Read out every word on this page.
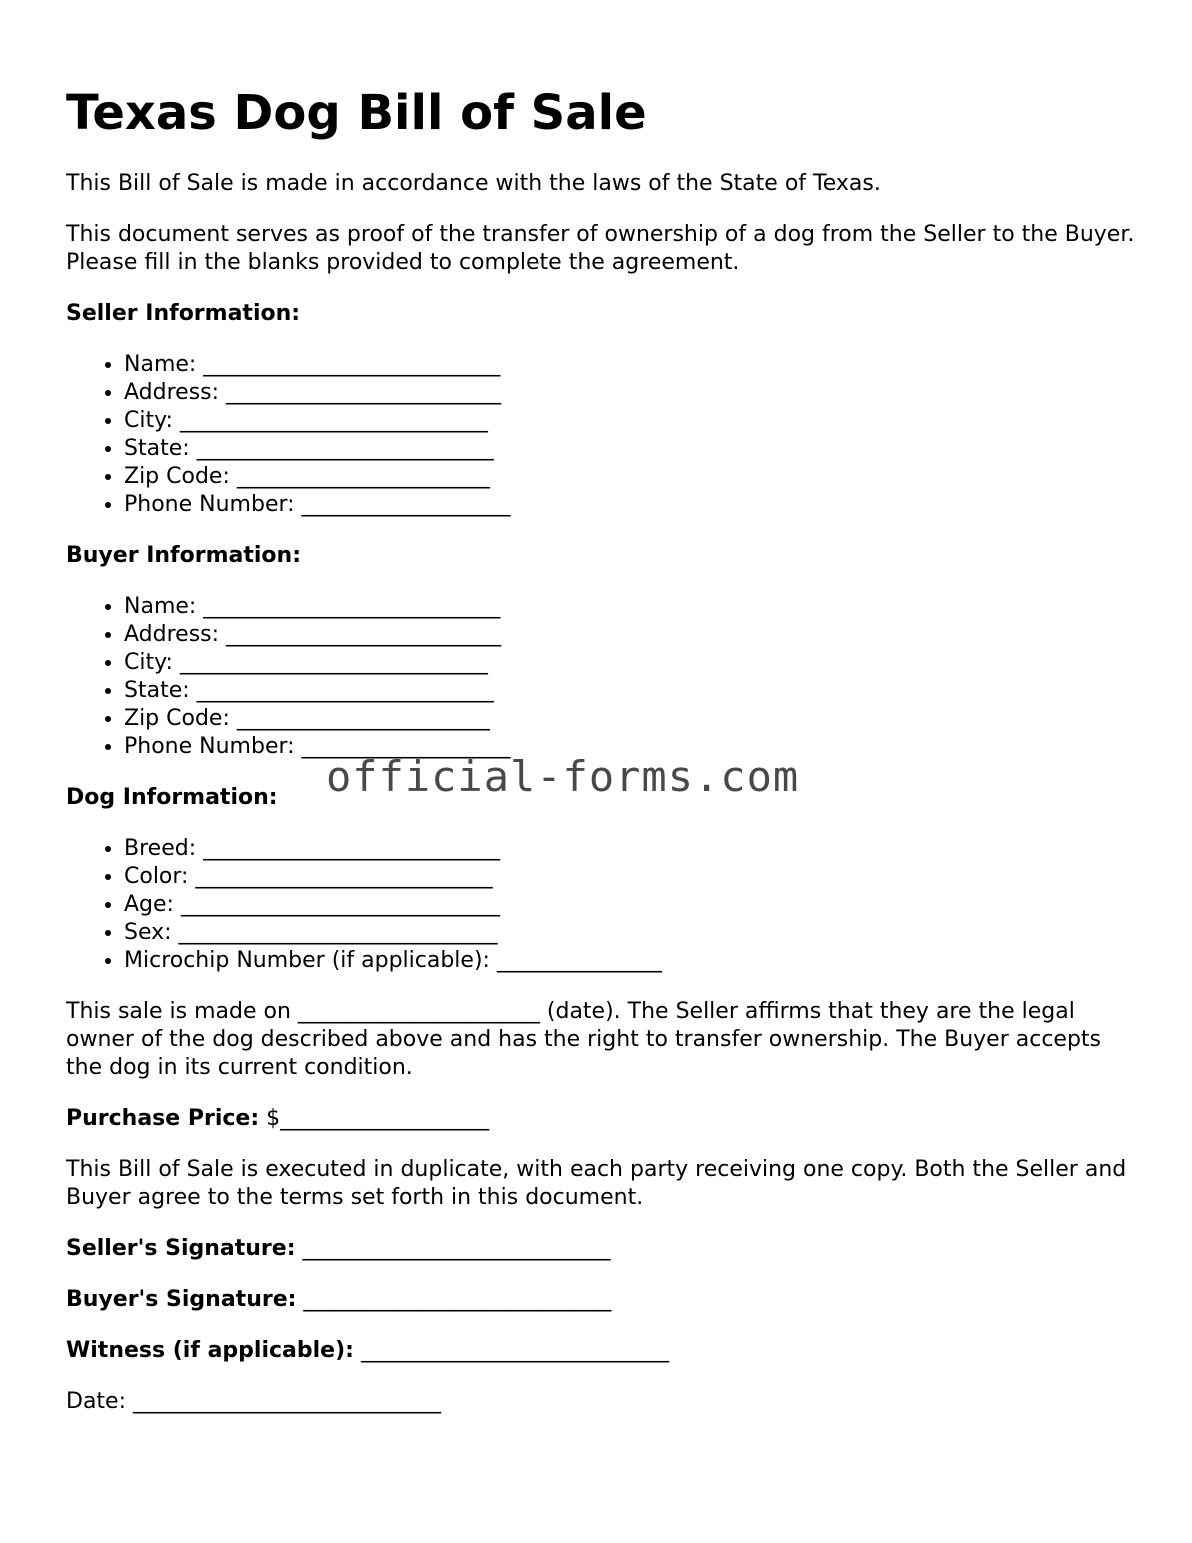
Texas Dog Bill of Sale

This Bill of Sale is made in accordance with the laws of the State of Texas.

This document serves as proof of the transfer of ownership of a dog from the Seller to the Buyer. Please fill in the blanks provided to complete the agreement.

Seller Information:

• Name: ___________________________
• Address: _________________________
• City: ____________________________
• State: ___________________________
• Zip Code: _______________________
• Phone Number: ___________________

Buyer Information:

• Name: ___________________________
• Address: _________________________
• City: ____________________________
• State: ___________________________
• Zip Code: _______________________
• Phone Number: ___________________

Dog Information:

• Breed: ___________________________
• Color: ___________________________
• Age: _____________________________
• Sex: _____________________________
• Microchip Number (if applicable): _______________

This sale is made on ______________________ (date). The Seller affirms that they are the legal owner of the dog described above and has the right to transfer ownership. The Buyer accepts the dog in its current condition.

Purchase Price: $___________________

This Bill of Sale is executed in duplicate, with each party receiving one copy. Both the Seller and Buyer agree to the terms set forth in this document.

Seller's Signature: ____________________________

Buyer's Signature: ____________________________

Witness (if applicable): ____________________________

Date: ____________________________

official-forms.com
